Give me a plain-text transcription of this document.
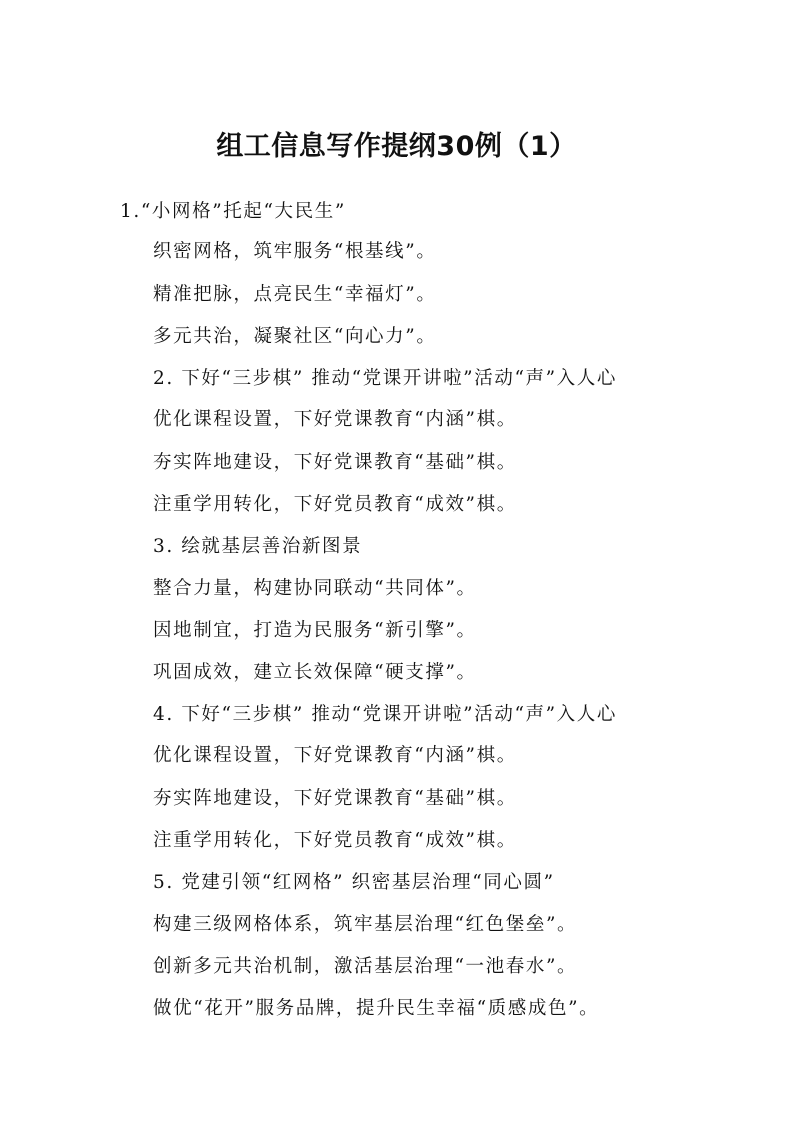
组工信息写作提纲30例（1）
1.“小网格”托起“大民生”
织密网格，筑牢服务“根基线”。
精准把脉，点亮民生“幸福灯”。
多元共治，凝聚社区“向心力”。
2. 下好“三步棋” 推动“党课开讲啦”活动“声”入人心
优化课程设置，下好党课教育“内涵”棋。
夯实阵地建设，下好党课教育“基础”棋。
注重学用转化，下好党员教育“成效”棋。
3. 绘就基层善治新图景
整合力量，构建协同联动“共同体”。
因地制宜，打造为民服务“新引擎”。
巩固成效，建立长效保障“硬支撑”。
4. 下好“三步棋” 推动“党课开讲啦”活动“声”入人心
优化课程设置，下好党课教育“内涵”棋。
夯实阵地建设，下好党课教育“基础”棋。
注重学用转化，下好党员教育“成效”棋。
5. 党建引领“红网格” 织密基层治理“同心圆”
构建三级网格体系，筑牢基层治理“红色堡垒”。
创新多元共治机制，激活基层治理“一池春水”。
做优“花开”服务品牌，提升民生幸福“质感成色”。
